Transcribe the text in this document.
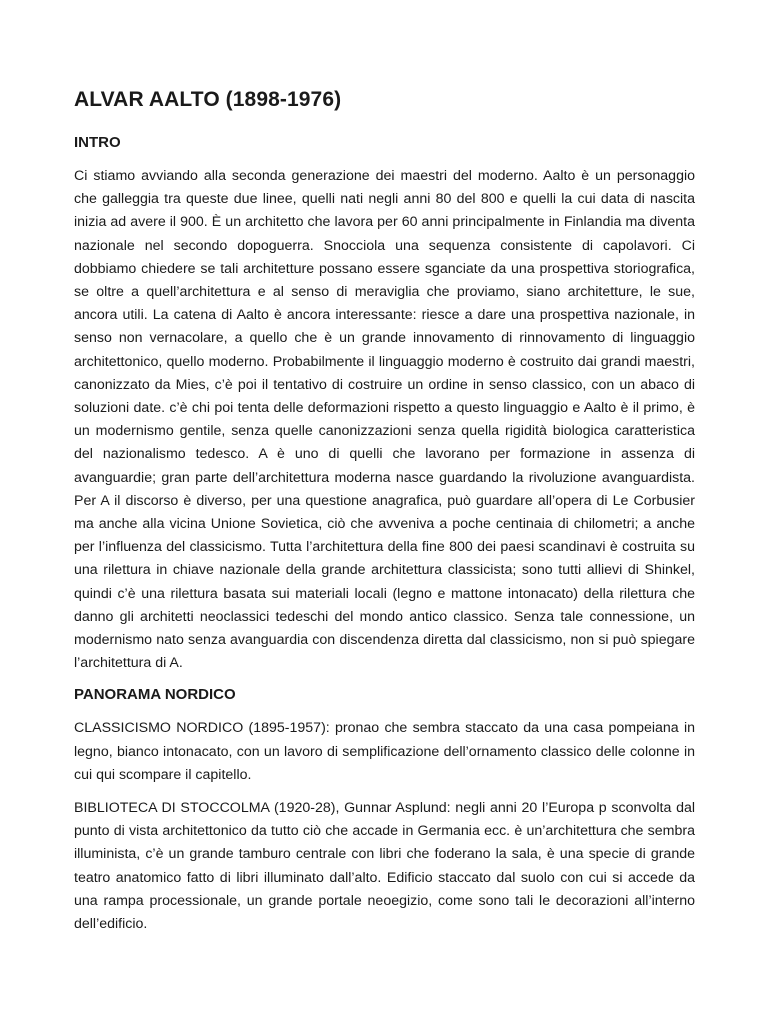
ALVAR AALTO (1898-1976)
INTRO

Ci stiamo avviando alla seconda generazione dei maestri del moderno. Aalto è un personaggio che galleggia tra queste due linee, quelli nati negli anni 80 del 800 e quelli la cui data di nascita inizia ad avere il 900. È un architetto che lavora per 60 anni principalmente in Finlandia ma diventa nazionale nel secondo dopoguerra. Snocciola una sequenza consistente di capolavori. Ci dobbiamo chiedere se tali architetture possano essere sganciate da una prospettiva storiografica, se oltre a quell’architettura e al senso di meraviglia che proviamo, siano architetture, le sue, ancora utili. La catena di Aalto è ancora interessante: riesce a dare una prospettiva nazionale, in senso non vernacolare, a quello che è un grande innovamento di rinnovamento di linguaggio architettonico, quello moderno. Probabilmente il linguaggio moderno è costruito dai grandi maestri, canonizzato da Mies, c’è poi il tentativo di costruire un ordine in senso classico, con un abaco di soluzioni date. c’è chi poi tenta delle deformazioni rispetto a questo linguaggio e Aalto è il primo, è un modernismo gentile, senza quelle canonizzazioni senza quella rigidità biologica caratteristica del nazionalismo tedesco. A è uno di quelli che lavorano per formazione in assenza di avanguardie; gran parte dell’architettura moderna nasce guardando la rivoluzione avanguardista. Per A il discorso è diverso, per una questione anagrafica, può guardare all’opera di Le Corbusier ma anche alla vicina Unione Sovietica, ciò che avveniva a poche centinaia di chilometri; a anche per l’influenza del classicismo. Tutta l’architettura della fine 800 dei paesi scandinavi è costruita su una rilettura in chiave nazionale della grande architettura classicista; sono tutti allievi di Shinkel, quindi c’è una rilettura basata sui materiali locali (legno e mattone intonacato) della rilettura che danno gli architetti neoclassici tedeschi del mondo antico classico. Senza tale connessione, un modernismo nato senza avanguardia con discendenza diretta dal classicismo, non si può spiegare l’architettura di A.

PANORAMA NORDICO

CLASSICISMO NORDICO (1895-1957): pronao che sembra staccato da una casa pompeiana in legno, bianco intonacato, con un lavoro di semplificazione dell’ornamento classico delle colonne in cui qui scompare il capitello.

BIBLIOTECA DI STOCCOLMA (1920-28), Gunnar Asplund: negli anni 20 l’Europa p sconvolta dal punto di vista architettonico da tutto ciò che accade in Germania ecc. è un’architettura che sembra illuminista, c’è un grande tamburo centrale con libri che foderano la sala, è una specie di grande teatro anatomico fatto di libri illuminato dall’alto. Edificio staccato dal suolo con cui si accede da una rampa processionale, un grande portale neoegizio, come sono tali le decorazioni all’interno dell’edificio.
